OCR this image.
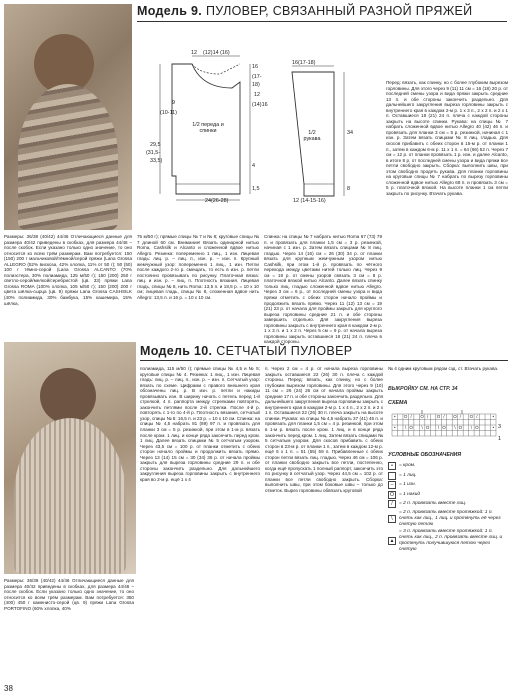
Модель 9. ПУЛОВЕР, СВЯЗАННЫЙ РАЗНОЙ ПРЯЖЕЙ
12 (12)14 (16)
16
(17-
18)
9
(10-11)
1/2 переда и спинки
29,5
(31,5-
33,5)
4
1,5
24(26-28)
12
(14)16
16(17-18)
1/2 рукава
34
8
12 (14-15-16)
Размеры: 36/38 (40/42) 44/46 Отличающиеся данные для размера 40/42 приведены в скобках, для размера 44/46 – после скобок. Если указано только одно значение, то оно относится ко всем трём размерам. Вам потребуется: 150 (150) 200 г мальчиковой/тёмной/серой пряжи (Lana Grossa ALLEGRO (52% вискоза, 42% хлопка, 11% от 50 г); 50 (50) 100 г тёмно-серой (Lana Grossa ALCANTO (70% полиэстера, 30% полиамида, 125 м/50 г); 150 (200) 250 г светло-серой/мелкой/серебристой (цв. 33) пряжи Lana Grossa ROMA (100% хлопка, 105 м/50 г); 150 (200) 200 г цвета шёлка-сырца (цв. 9) пряжи Lana Grossa CASHSILK (40% полиамида, 30% бамбука, 15% кашемира, 15% шёлка,
75 м/50 г); прямые спицы № 7 и № 8; круговые спицы № 7 длиной 60 см. Внимание! Вязать одинарной нитью Roma, Cashsilk и Alcanto и сложенной вдвое нитью Allegro. Резинка: попеременно 1 лиц., 1 изн. Лицевая гладь: лиц. р. – лиц. п., изн. р. – изн. п. Крупный жемчужный узор: попеременно 1 лиц., 1 изн. Петли после каждого 2-го р. смещать, то есть в изн. р. петли постоянно провязывать по рисунку. Платочная вязка: лиц. и изн. р. – лиц. п. Плотность вязания. Лицевая гладь, спицы № 8, нить Roma: 13,5 п. и 18,5 р. = 10 х 10 см; лицевая гладь, спицы № 8, сложенная вдвое нить Allegro: 13,5 п. и 16 р. = 10 х 10 см.
Спинка: на спицы № 7 набрать нитью Roma 67 (73) 79 п. и провязать для планки 1,5 см = 3 р. резинкой, начиная с 1 изн. р. Затем вязать спицами № 8 лиц. гладью. Через 14 (16) см = 26 (30) 34 р. от планки вязать для крупным жемчужным узором нитью Cashsilk, при этом 1-й р. провязать по чётного перехода между цветами нитей только лиц. Через 9 см = 18 р. от смены узоров связать 3 см = 8 р. платочной вязкой нитью Alcanto. Далее вязать спинку только лиц. гладью сложенной вдвое нитью Allegro. Через 3 см = 6 р., от последней смены узора и вида пряжи отметить с обеих сторон начало проймы и продолжить вязать прямо. Через 11 (12) 13 см = 19 (21) 23 р. от начала для проймы закрыть для круглого выреза горловины средние 21 п. и обе стороны завершить отдельно. Для закругления выреза горловины закрыть с внутреннего края в каждом 2-м р. 1 х 3 п. и 1 х 2 п. Через 5 см = 9 р. от начала выреза горловины закрыть оставшиеся 18 (21) 24 п. плеча в каждой стороны.
Перед: вязать, как спинку, но с более глубоким вырезом горловины. Для этого через 9 (11) 11 см = 16 (18) 20 р. от последней смены узора и вида пряжи закрыть средние 13 п. и обе стороны закончить раздельно. Для дальнейшего закругления выреза горловины закрыть с внутреннего края в каждом 2-м р. 1 х 3 п., 2 х 2 п. и 2 х 1 п. Оставшиеся 18 (21) 24 п. плеча с каждой стороны закрыть на высоте спинки. Рукава: на спицы № 7 набрать сложенной вдвое нитью Allegro 40 (42) 46 п. и провязать для планки 3 см = 5 р. резинкой, начиная с 1 изн. р. Затем вязать спицами № 8 лиц. гладью. Для скосов прибавить с обеих сторон в 15-м р. от планки 1 п., затем в каждом 6-м р. 11 х 1 п. = 64 (66) 52 п. Через 7 см = 12 р. от планки провязать 1 р. изн. и далее Alcanto, в итоге 8 р. от последней смены узора и вида пряжи все петли свободно закрыть. Сборка: выполнить швы, при этом свободно продеть рукава. Для планки горловины на круговые спицы № 7 набрать по вырезу горловины сложенной вдвое нитью Allegro 68 п. и провязать 3 см = 5 р. платочной вязкой. На высоте планки 1 см петли закрыть по рисунку. Втачать рукава.
Модель 10. СЕТЧАТЫЙ ПУЛОВЕР
Размеры: 36/38 (40/42) 44/46 Отличающиеся данные для размера 40/42 приведены в скобках, для размера 44/46 – после скобок. Если указано только одно значение, то оно относится ко всем трём размерам. Вам потребуется: 350 (400) 450 г каменисто-серой (цв. 9) пряжи Lana Grossa PORTOFINO (60% хлопка, 40%
полиамида, 115 м/50 г); прямые спицы № 4,5 и № 5; круговые спицы № 4. Резинка: 1 лиц., 1 изн. Лицевая гладь: лиц. р. – лиц. п., изн. р. – изн. п. Сетчатый узор: вязать по схеме. Цифрами с правого внешнего края обозначены лиц. р. В изн. р. петли и накиды провязывать изн. В ширину начать с петель перед 1-й стрелкой, 4 п. раппорта между стрелками повторять, закончить петлями после 2-й стрелки. После 4-й р. повторять с 1-го по 4-й р. Плотность вязания, сетчатый узор, спицы № 5: 16,5 п. и 23 р. = 10 х 10 см. Спинка: на спицы № 4,5 набрать 81 (89) 97 п. и провязать для планки 3 см = 5 р. резинкой, при этом в 1-м р. вязать после кром. 1 лиц. и конце ряда закончить перед кром. 1 лиц. Далее вязать спицами № 5 сетчатым узором. Через 43,5 см = 100 р. от планки отметить с обеих сторон начало проймы и продолжить вязать прямо. Через 13 (14) 15 см = 30 (34) 36 р. от начала проймы закрыть для выреза горловины средние 29 п. и обе стороны закончить раздельно. Для дальнейшего закругления выреза горловины закрыть с внутреннего края во 2-м р. ещё 1 х 4
п. Через 2 см = 4 р. от начала выреза горловины закрыть оставшиеся 22 (26) 30 п. плеча с каждой стороны. Перед: вязать, как спинку, но с более глубоким вырезом горловины. Для этого через 9 (10) 11 см = 26 (24) 26 см от начала проймы закрыть средние 17 п. и обе стороны закончить раздельно. Для дальнейшего закругления выреза горловины закрыть с внутреннего края в каждом 2-м р. 1 х 4 п., 2 х 2 п. и 2 х 1 п. Оставшиеся 22 (26) 30 п. плеча закрыть на высоте спинки. Рукава: на спицы № 4,5 набрать 37 (41) 45 п. и провязать для планки 1,5 см = 4 р. резинкой, при этом в 1-м р. вязать после кром. 1 лиц. и в конце ряда закончить перед кром. 1 лиц. Затем вязать спицами № 5 сетчатым узором. Для скосов прибавить с обеих сторон в 23-м р. от планки 1 п., затем в каждом 12-м р. ещё 6 х 1 п. = 51 (55) 59 п. Прибавленные с обеих сторон петли вязать лиц. гладью. Через 46 см = 106 р. от планки свободно закрыть все петли, постепенно, когда ещё пропускать 1 полный раппорт, закончить это по рисунку в сетчатый узор. Через 44,5 см = 102 р. от планки все петли свободно закрыть. Сборка: выполнить швы, при этом боковые швы – только до отметок. Вырез горловины обвязать круговой
№ 4 одним круговым рядом сзд. ст. Втачать рукава.
ВЫКРОЙКУ СМ. НА СТР. 34
СХЕМА
• O / O / O / O / O /	•
• \ O \ O \ O \ O \ O	• 3
1
УСЛОВНЫЕ ОБОЗНАЧЕНИЯ
•	= кром.
= 1 лиц.
–	= 1 изн.
O	= 1 накид
/	= 2 п. провязать вместе лиц.
\
= 2 п. провязать вместе протяжкой: 1 п. снять как лиц., 1 лиц. и протянуть её через снятую петлю
▲
= 3 п. провязать вместе протяжкой: 1 п. снять как лиц., 2 п. провязать вместе лиц. и протянуть получившуюся петлю через снятую
38
